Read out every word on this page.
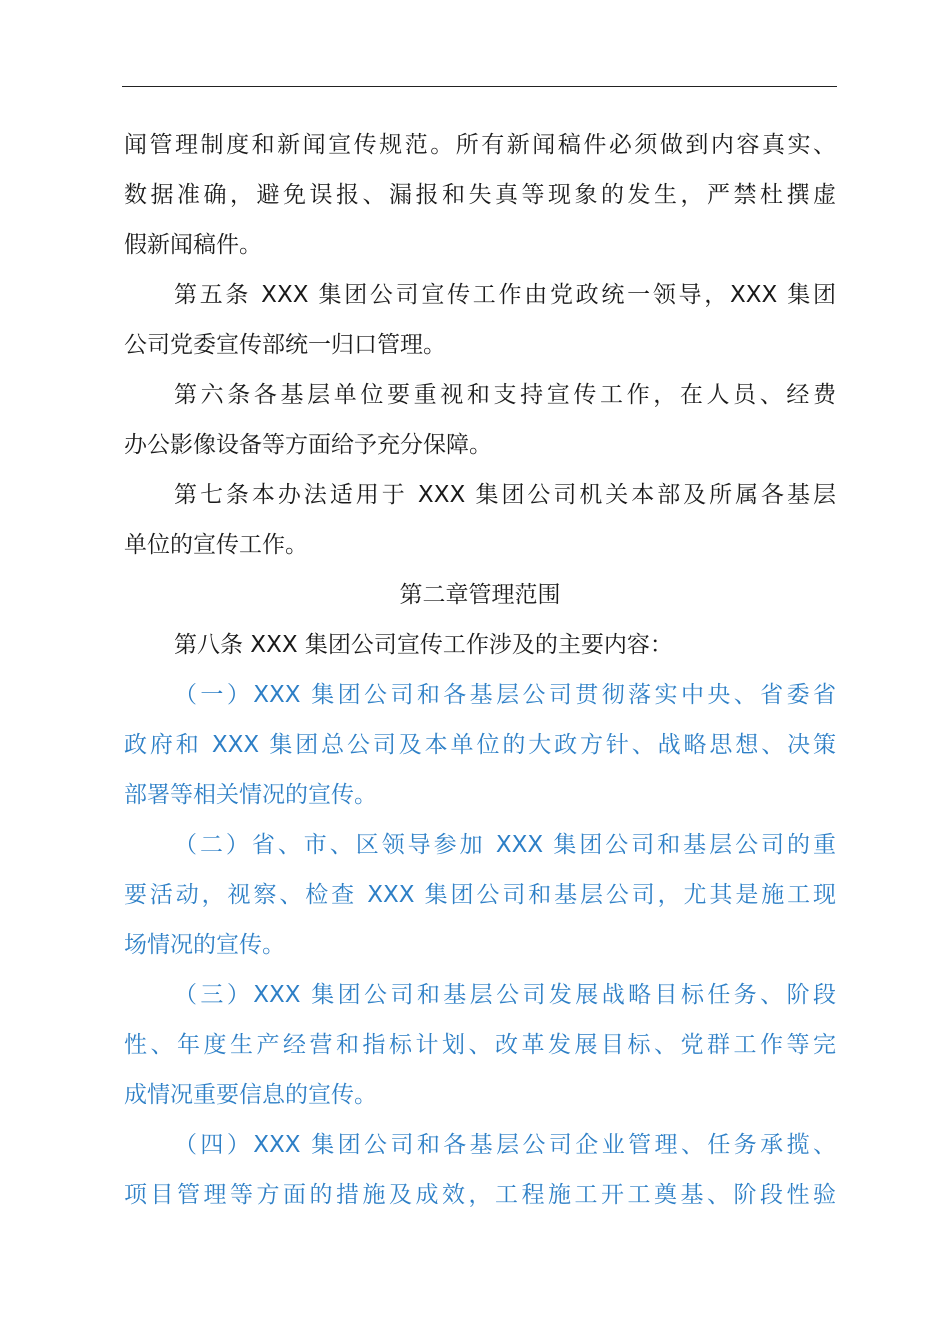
闻管理制度和新闻宣传规范。所有新闻稿件必须做到内容真实、
数据准确，避免误报、漏报和失真等现象的发生，严禁杜撰虚
假新闻稿件。
第五条 XXX 集团公司宣传工作由党政统一领导，XXX 集团
公司党委宣传部统一归口管理。
第六条各基层单位要重视和支持宣传工作，在人员、经费
办公影像设备等方面给予充分保障。
第七条本办法适用于 XXX 集团公司机关本部及所属各基层
单位的宣传工作。
第二章管理范围
第八条 XXX 集团公司宣传工作涉及的主要内容：
（一）XXX 集团公司和各基层公司贯彻落实中央、省委省
政府和 XXX 集团总公司及本单位的大政方针、战略思想、决策
部署等相关情况的宣传。
（二）省、市、区领导参加 XXX 集团公司和基层公司的重
要活动，视察、检查 XXX 集团公司和基层公司，尤其是施工现
场情况的宣传。
（三）XXX 集团公司和基层公司发展战略目标任务、阶段
性、年度生产经营和指标计划、改革发展目标、党群工作等完
成情况重要信息的宣传。
（四）XXX 集团公司和各基层公司企业管理、任务承揽、
项目管理等方面的措施及成效，工程施工开工奠基、阶段性验
